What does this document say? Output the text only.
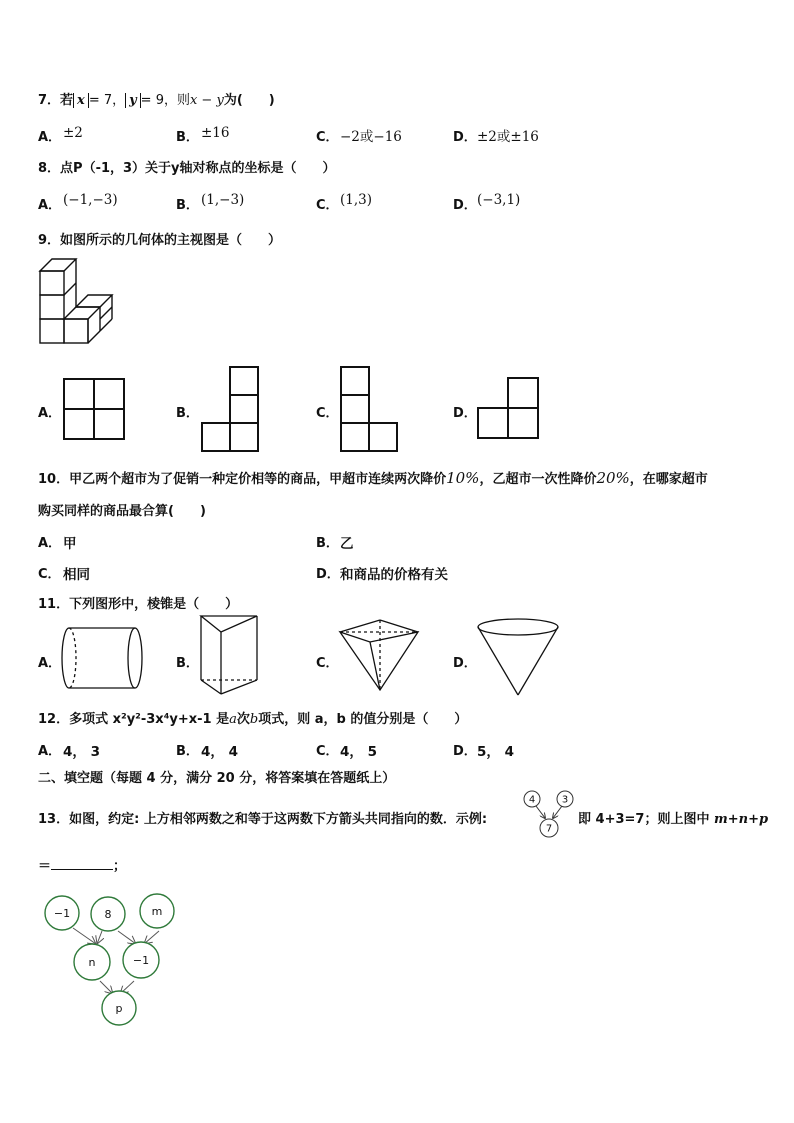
7．若 x = 7， y = 9，则x − y为(　　)
A． ±2	B． ±16	C． −2或−16	D． ±2或±16
8．点P（-1，3）关于y轴对称点的坐标是（　　）
A． (−1,−3)	B． (1,−3)	C． (1,3)	D． (−3,1)
9．如图所示的几何体的主视图是（　　）
A．	B．	C．	D．
10．甲乙两个超市为了促销一种定价相等的商品，甲超市连续两次降价10%，乙超市一次性降价20%，在哪家超市
购买同样的商品最合算(　　)
A． 甲	B． 乙
C． 相同	D． 和商品的价格有关
11．下列图形中，棱锥是（　　）
A．	B．	C．	D．
12．多项式 x²y²-3x⁴y+x-1 是a次b项式，则 a，b 的值分别是（　　）
A． 4， 3	B． 4， 4	C． 4， 5	D． 5， 4
二、填空题（每题 4 分，满分 20 分，将答案填在答题纸上）
13．如图，约定: 上方相邻两数之和等于这两数下方箭头共同指向的数．示例:
4	3
7
即 4+3=7；则上图中 m+n+p
＝	；
−1	8	m
n	−1
p
